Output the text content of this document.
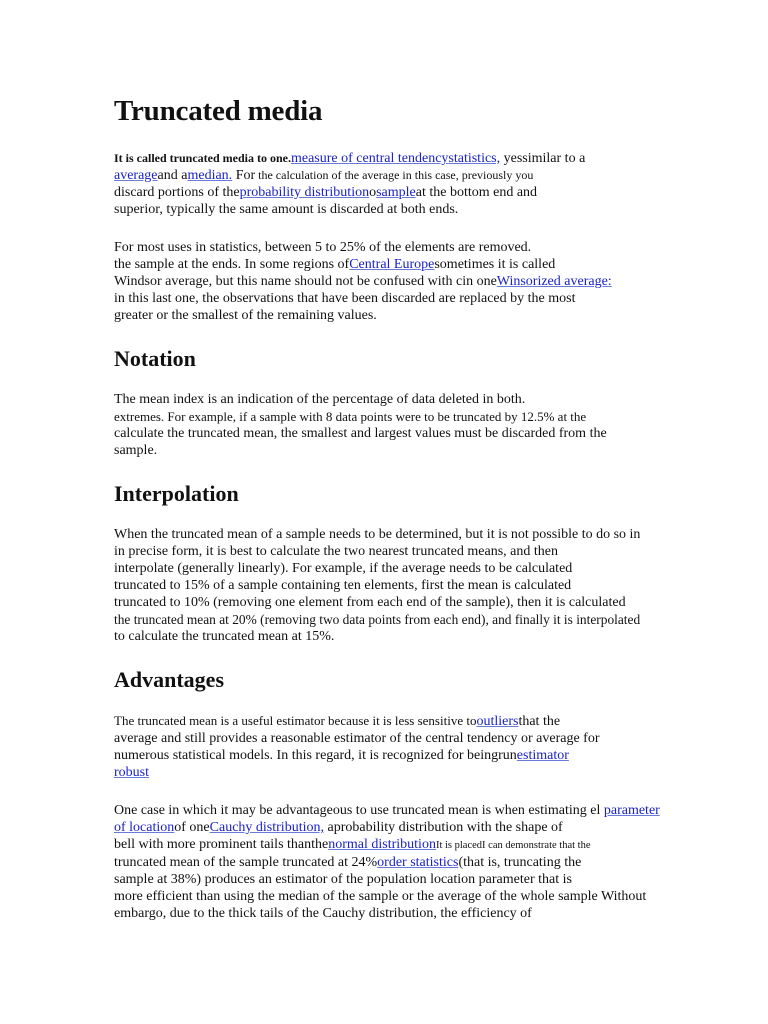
Truncated media
It is called truncated media to one.measure of central tendencystatistics, yessimilar to a
averageand amedian. For the calculation of the average in this case, previously you
discard portions of theprobability distributionosampleat the bottom end and
superior, typically the same amount is discarded at both ends.
For most uses in statistics, between 5 to 25% of the elements are removed.
the sample at the ends. In some regions ofCentral Europesometimes it is called
Windsor average, but this name should not be confused with cin oneWinsorized average:
in this last one, the observations that have been discarded are replaced by the most
greater or the smallest of the remaining values.
Notation
The mean index is an indication of the percentage of data deleted in both.
extremes. For example, if a sample with 8 data points were to be truncated by 12.5% at the
calculate the truncated mean, the smallest and largest values must be discarded from the
sample.
Interpolation
When the truncated mean of a sample needs to be determined, but it is not possible to do so in
in precise form, it is best to calculate the two nearest truncated means, and then
interpolate (generally linearly). For example, if the average needs to be calculated
truncated to 15% of a sample containing ten elements, first the mean is calculated
truncated to 10% (removing one element from each end of the sample), then it is calculated
the truncated mean at 20% (removing two data points from each end), and finally it is interpolated
to calculate the truncated mean at 15%.
Advantages
The truncated mean is a useful estimator because it is less sensitive tooutliersthat the
average and still provides a reasonable estimator of the central tendency or average for
numerous statistical models. In this regard, it is recognized for beingrunestimator
robust
One case in which it may be advantageous to use truncated mean is when estimating el parameter
of locationof oneCauchy distribution, aprobability distribution with the shape of
bell with more prominent tails thanthenormal distributionIt is placedI can demonstrate that the
truncated mean of the sample truncated at 24%order statistics(that is, truncating the
sample at 38%) produces an estimator of the population location parameter that is
more efficient than using the median of the sample or the average of the whole sample Without
embargo, due to the thick tails of the Cauchy distribution, the efficiency of
